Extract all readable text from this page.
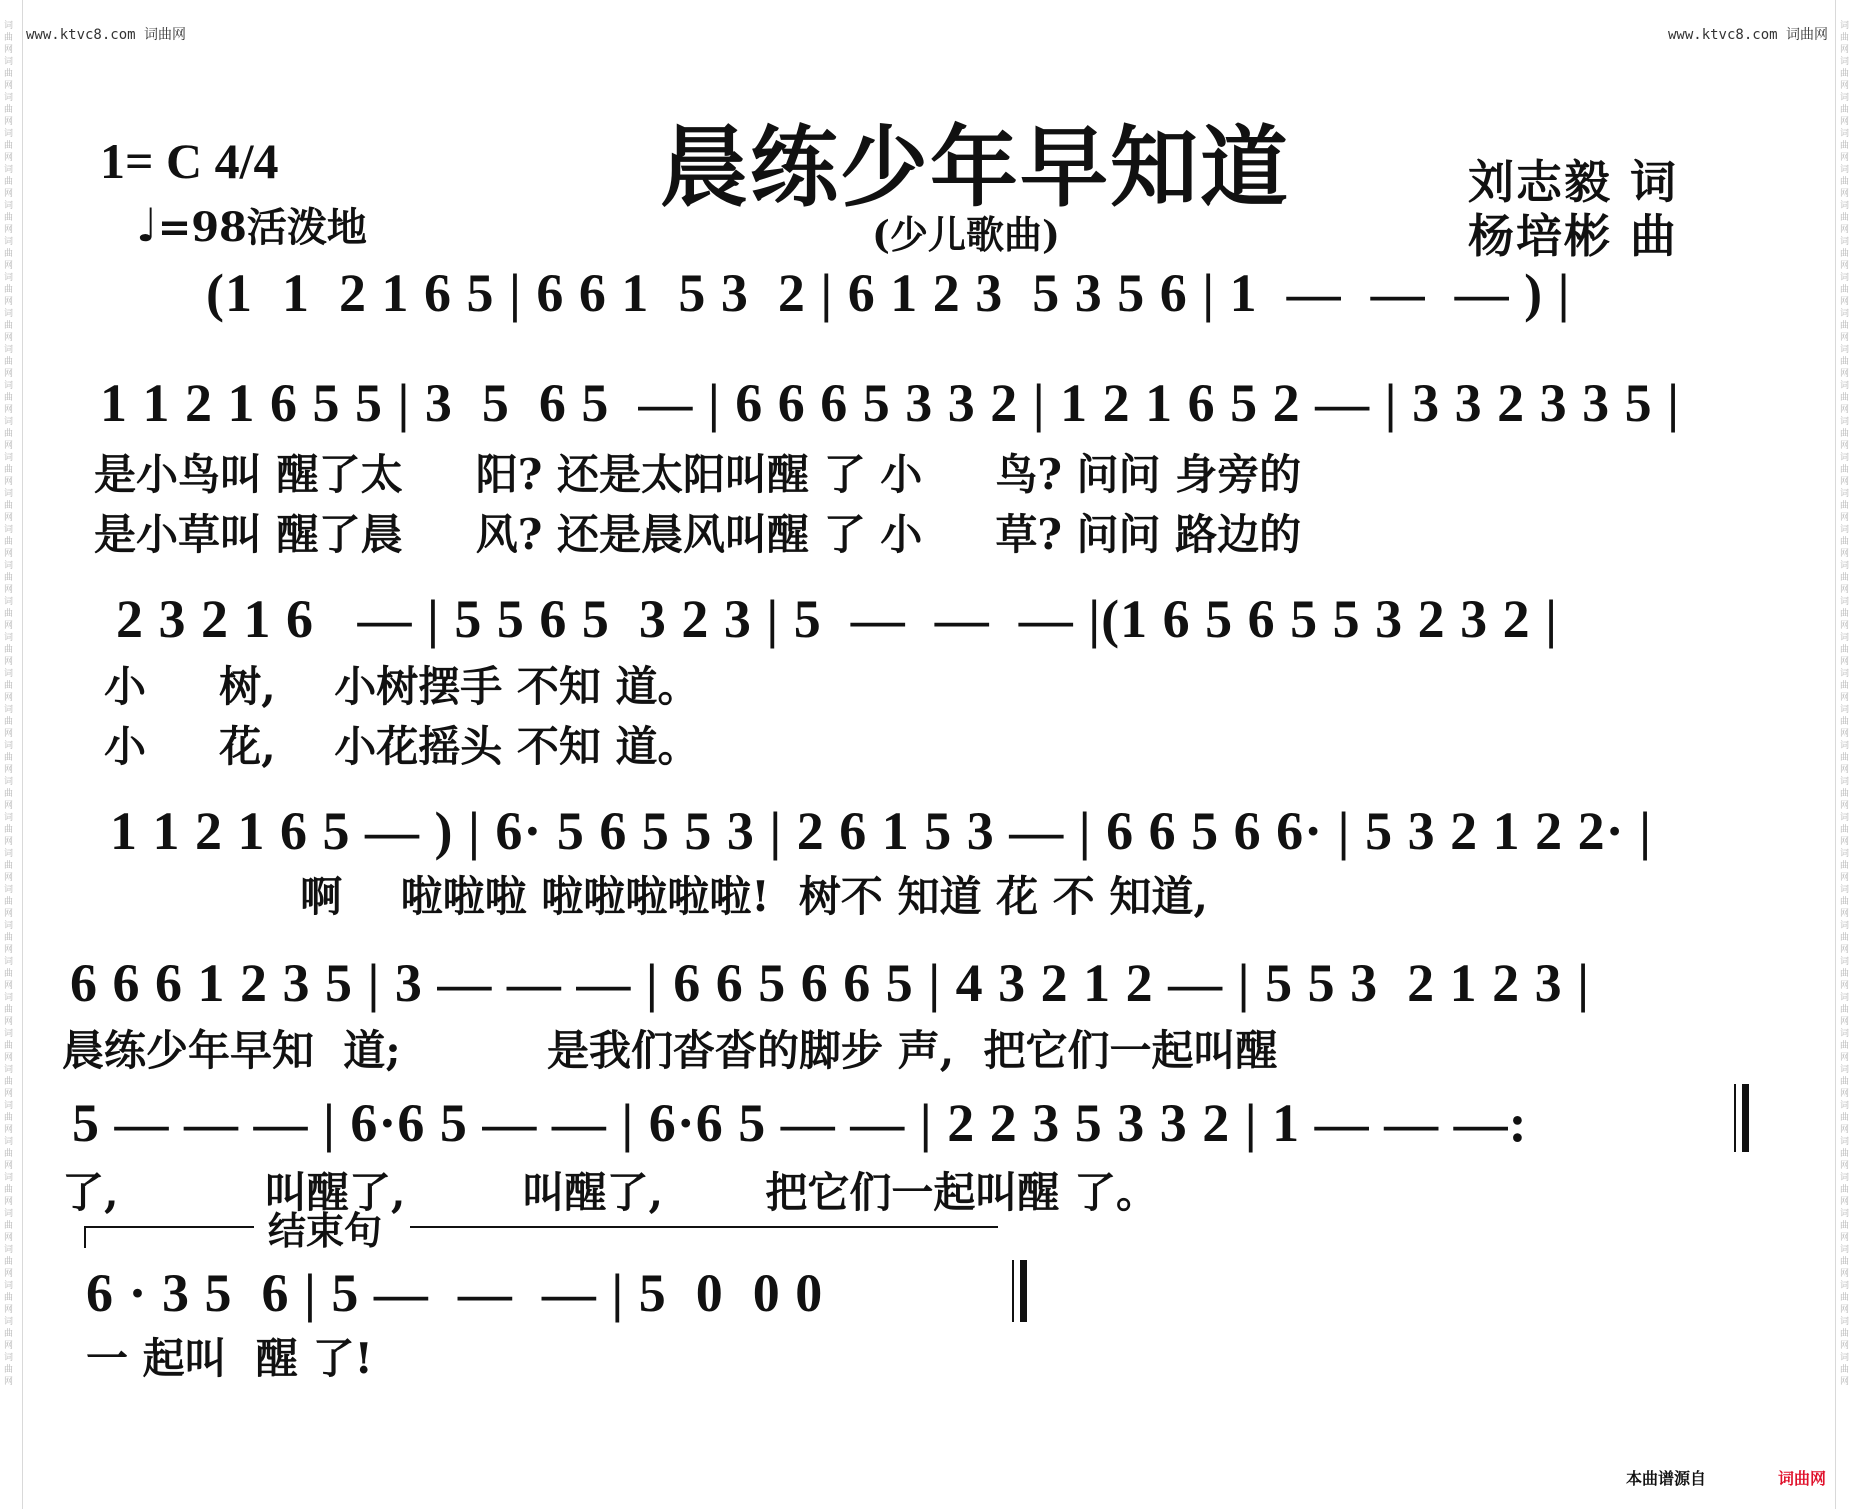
词曲网词曲网词曲网词曲网词曲网词曲网词曲网词曲网词曲网词曲网词曲网词曲网词曲网词曲网词曲网词曲网词曲网词曲网词曲网词曲网词曲网词曲网词曲网词曲网词曲网词曲网词曲网词曲网词曲网词曲网词曲网词曲网词曲网词曲网词曲网词曲网词曲网词曲网
词曲网词曲网词曲网词曲网词曲网词曲网词曲网词曲网词曲网词曲网词曲网词曲网词曲网词曲网词曲网词曲网词曲网词曲网词曲网词曲网词曲网词曲网词曲网词曲网词曲网词曲网词曲网词曲网词曲网词曲网词曲网词曲网词曲网词曲网词曲网词曲网词曲网词曲网
www.ktvc8.com 词曲网	www.ktvc8.com 词曲网
1= C 4/4
♩=98活泼地
晨练少年早知道
(少儿歌曲)
刘志毅 词
杨培彬 曲
(1  1  2 1 6 5 | 6 6 1  5 3  2 | 6 1 2 3  5 3 5 6 | 1  —  —  — ) |
1 1 2 1 6 5 5 | 3  5  6 5  — | 6 6 6 5 3 3 2 | 1 2 1 6 5 2 — | 3 3 2 3 3 5 |
是小鸟叫 醒了太     阳? 还是太阳叫醒 了 小     鸟? 问问 身旁的
是小草叫 醒了晨     风? 还是晨风叫醒 了 小     草? 问问 路边的
2 3 2 1 6   — | 5 5 6 5  3 2 3 | 5  —  —  — |(1 6 5 6 5 5 3 2 3 2 |
小     树,    小树摆手 不知 道。
小     花,    小花摇头 不知 道。
1 1 2 1 6 5 — ) | 6· 5 6 5 5 3 | 2 6 1 5 3 — | 6 6 5 6 6· | 5 3 2 1 2 2· |
啊    啦啦啦 啦啦啦啦啦!  树不 知道 花 不 知道,
6 6 6 1 2 3 5 | 3 — — — | 6 6 5 6 6 5 | 4 3 2 1 2 — | 5 5 3  2 1 2 3 |
晨练少年早知  道;          是我们沓沓的脚步 声,  把它们一起叫醒
5 — — — | 6·6 5 — — | 6·6 5 — — | 2 2 3 5 3 3 2 | 1 — — —:
了,          叫醒了,        叫醒了,       把它们一起叫醒 了。
结束句
6 · 3 5  6 | 5 —  —  — | 5  0  0 0
一 起叫  醒 了!
本曲谱源自	词曲网
